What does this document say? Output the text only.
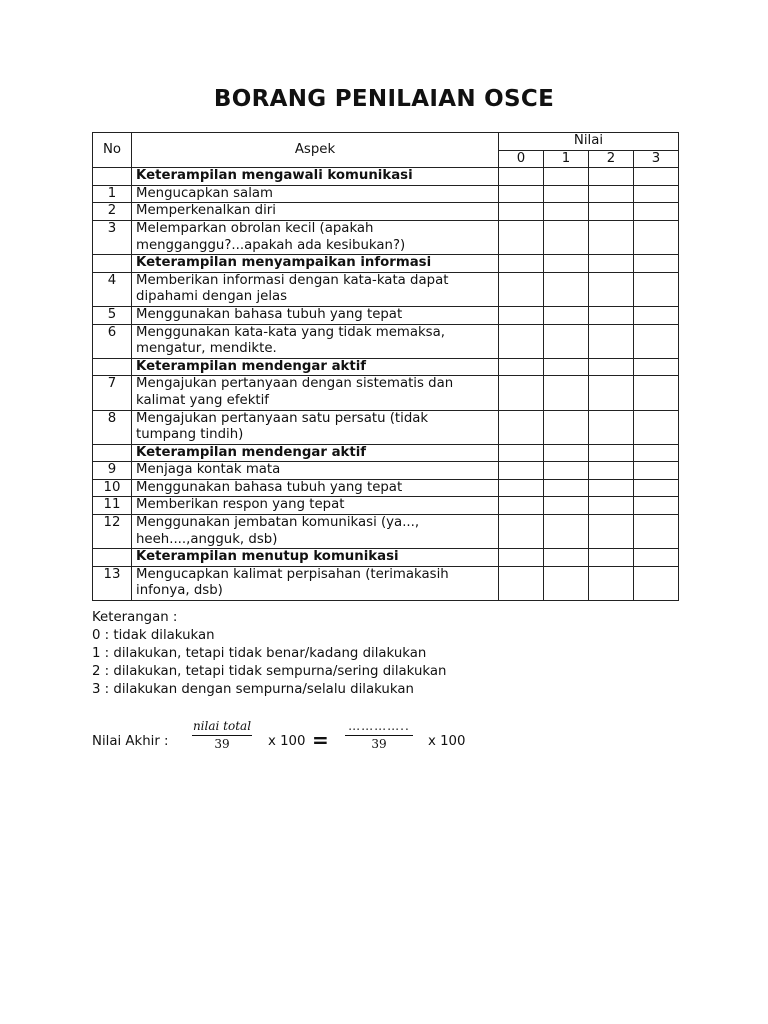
BORANG PENILAIAN OSCE
No	Aspek	Nilai			
		0	1	2	3
	Keterampilan mengawali komunikasi				
1	Mengucapkan salam				

2	Memperkenalkan diri				

3	Melemparkan obrolan kecil (apakah
mengganggu?...apakah ada kesibukan?)				

	Keterampilan menyampaikan informasi				
4	Memberikan informasi dengan kata-kata dapat
dipahami dengan jelas				

5	Menggunakan bahasa tubuh yang tepat				

6	Menggunakan kata-kata yang tidak memaksa,
mengatur, mendikte.				

	Keterampilan mendengar aktif				
7	Mengajukan pertanyaan dengan sistematis dan
kalimat yang efektif				

8	Mengajukan pertanyaan satu persatu (tidak
tumpang tindih)				

	Keterampilan mendengar aktif				
9	Menjaga kontak mata				

10	Menggunakan bahasa tubuh yang tepat				

11	Memberikan respon yang tepat				

12	Menggunakan jembatan komunikasi (ya...,
heeh....,angguk, dsb)				

	Keterampilan menutup komunikasi				
13	Mengucapkan kalimat perpisahan (terimakasih
infonya, dsb)				

Keterangan :
0 : tidak dilakukan
1 : dilakukan, tetapi tidak benar/kadang dilakukan
2 : dilakukan, tetapi tidak sempurna/sering dilakukan
3 : dilakukan dengan sempurna/selalu dilakukan
Nilai Akhir :
nilai total
39	x 100 =
…………..
39	x 100
